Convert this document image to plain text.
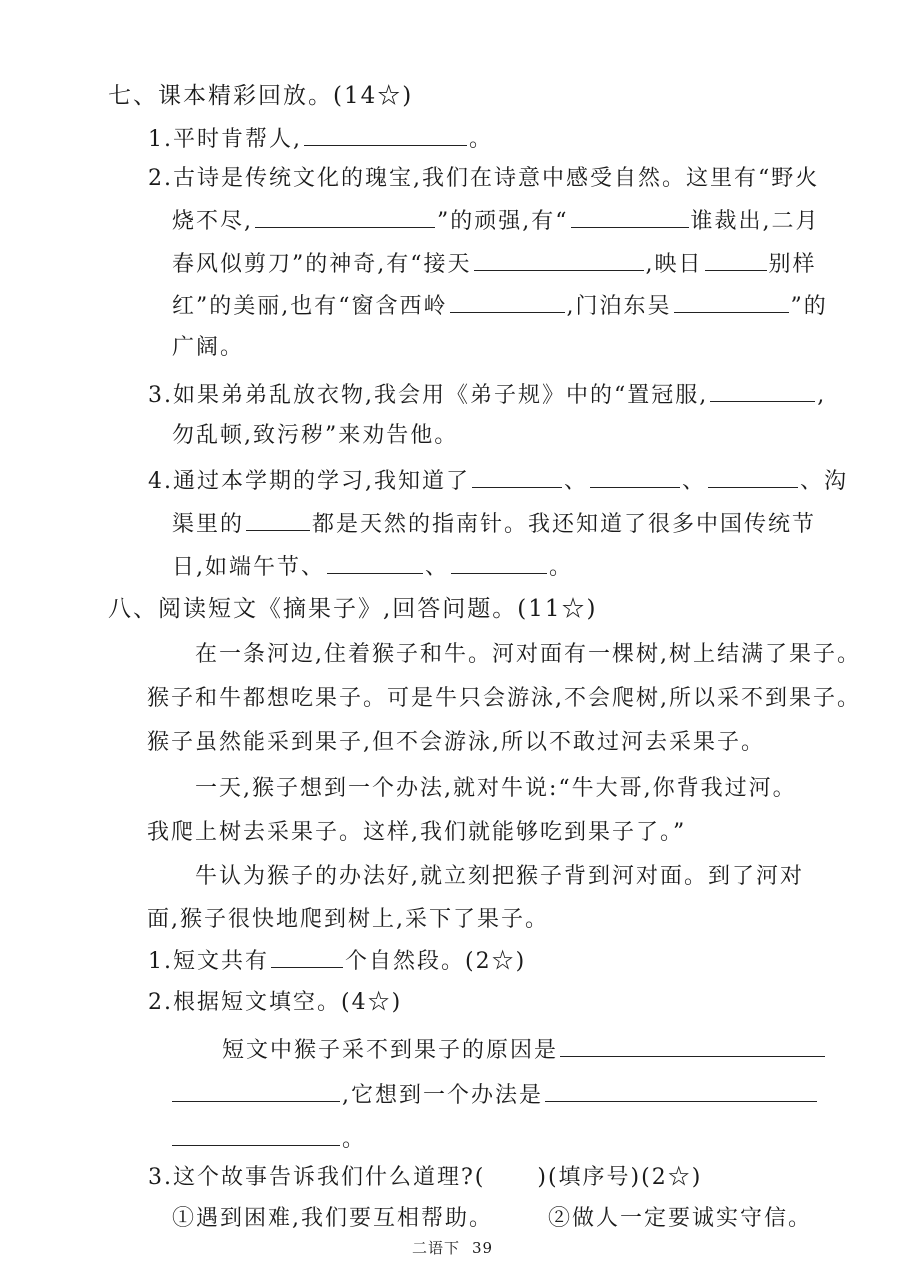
七、课本精彩回放。(14☆)
1.平时肯帮人,	。
2.古诗是传统文化的瑰宝,我们在诗意中感受自然。这里有“野火
烧不尽,	”的顽强,有“	谁裁出,二月
春风似剪刀”的神奇,有“接天	,映日	别样
红”的美丽,也有“窗含西岭	,门泊东吴	”的
广阔。
3.如果弟弟乱放衣物,我会用《弟子规》中的“置冠服,	,
勿乱顿,致污秽”来劝告他。
4.通过本学期的学习,我知道了	、	、	、沟
渠里的	都是天然的指南针。我还知道了很多中国传统节
日,如端午节、	、	。
八、阅读短文《摘果子》,回答问题。(11☆)
在一条河边,住着猴子和牛。河对面有一棵树,树上结满了果子。
猴子和牛都想吃果子。可是牛只会游泳,不会爬树,所以采不到果子。
猴子虽然能采到果子,但不会游泳,所以不敢过河去采果子。
一天,猴子想到一个办法,就对牛说:“牛大哥,你背我过河。
我爬上树去采果子。这样,我们就能够吃到果子了。”
牛认为猴子的办法好,就立刻把猴子背到河对面。到了河对
面,猴子很快地爬到树上,采下了果子。
1.短文共有	个自然段。(2☆)
2.根据短文填空。(4☆)
短文中猴子采不到果子的原因是
,它想到一个办法是
。
3.这个故事告诉我们什么道理?( )(填序号)(2☆)
①遇到困难,我们要互相帮助。	②做人一定要诚实守信。
二语下 39
